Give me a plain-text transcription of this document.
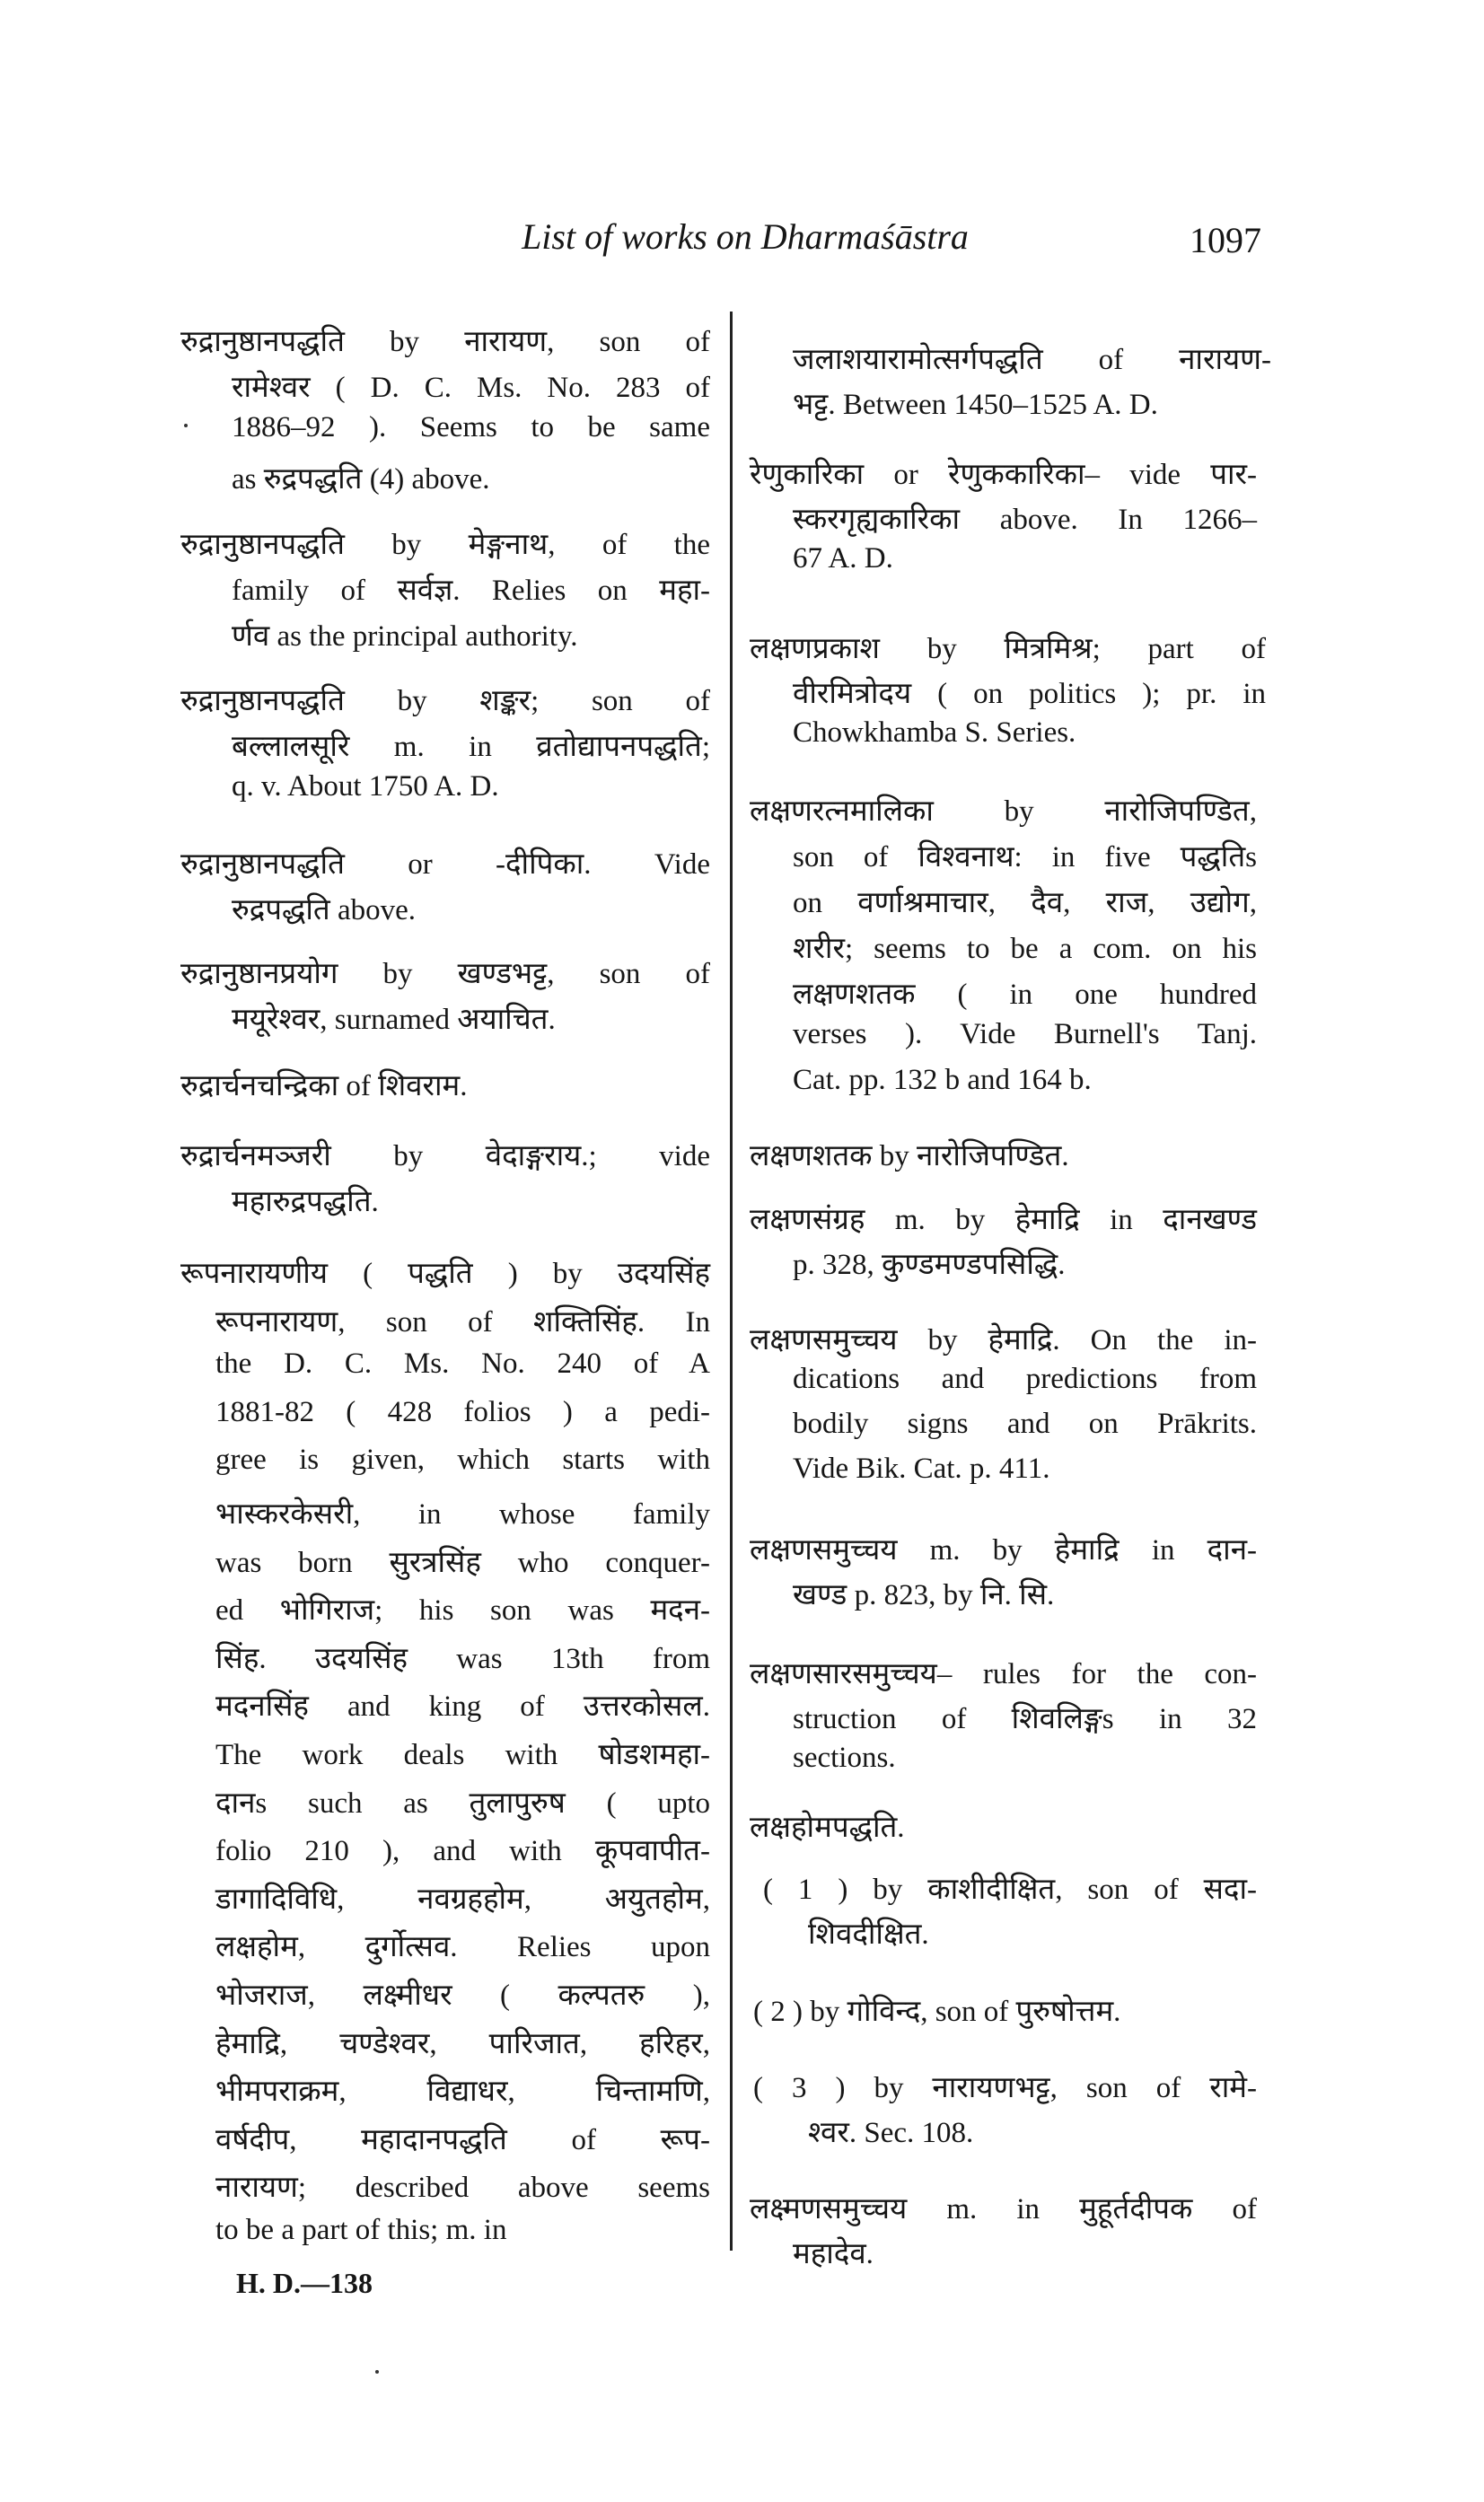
List of works on Dharmaśāstra	1097
रुद्रानुष्ठानपद्धति by नारायण, son of
रामेश्वर ( D. C. Ms. No. 283 of
1886–92 ). Seems to be same
as रुद्रपद्धति (4) above.
रुद्रानुष्ठानपद्धति by मेङ्गनाथ, of the
family of सर्वज्ञ. Relies on महा-
र्णव as the principal authority.
रुद्रानुष्ठानपद्धति by शङ्कर; son of
बल्लालसूरि m. in व्रतोद्यापनपद्धति;
q. v. About 1750 A. D.
रुद्रानुष्ठानपद्धति or -दीपिका. Vide
रुद्रपद्धति above.
रुद्रानुष्ठानप्रयोग by खण्डभट्ट, son of
मयूरेश्वर, surnamed अयाचित.
रुद्रार्चनचन्द्रिका of शिवराम.
रुद्रार्चनमञ्जरी by वेदाङ्गराय.; vide
महारुद्रपद्धति.
रूपनारायणीय ( पद्धति ) by उदयसिंह
रूपनारायण, son of शक्तिसिंह. In
the D. C. Ms. No. 240 of A
1881-82 ( 428 folios ) a pedi-
gree is given, which starts with
भास्करकेसरी, in whose family
was born सुरत्रसिंह who conquer-
ed भोगिराज; his son was मदन-
सिंह. उदयसिंह was 13th from
मदनसिंह and king of उत्तरकोसल.
The work deals with षोडशमहा-
दानs such as तुलापुरुष ( upto
folio 210 ), and with कूपवापीत-
डागादिविधि, नवग्रहहोम, अयुतहोम,
लक्षहोम, दुर्गोत्सव. Relies upon
भोजराज, लक्ष्मीधर ( कल्पतरु ),
हेमाद्रि, चण्डेश्वर, पारिजात, हरिहर,
भीमपराक्रम, विद्याधर, चिन्तामणि,
वर्षदीप, महादानपद्धति of रूप-
नारायण; described above seems
to be a part of this; m. in
जलाशयारामोत्सर्गपद्धति of नारायण-
भट्ट. Between 1450–1525 A. D.
रेणुकारिका or रेणुककारिका– vide पार-
स्करगृह्यकारिका above. In 1266–
67 A. D.
लक्षणप्रकाश by मित्रमिश्र; part of
वीरमित्रोदय ( on politics ); pr. in
Chowkhamba S. Series.
लक्षणरत्नमालिका by नारोजिपण्डित,
son of विश्वनाथ: in five पद्धतिs
on वर्णाश्रमाचार, दैव, राज, उद्योग,
शरीर; seems to be a com. on his
लक्षणशतक ( in one hundred
verses ). Vide Burnell's Tanj.
Cat. pp. 132 b and 164 b.
लक्षणशतक by नारोजिपण्डित.
लक्षणसंग्रह m. by हेमाद्रि in दानखण्ड
p. 328, कुण्डमण्डपसिद्धि.
लक्षणसमुच्चय by हेमाद्रि. On the in-
dications and predictions from
bodily signs and on Prākrits.
Vide Bik. Cat. p. 411.
लक्षणसमुच्चय m. by हेमाद्रि in दान-
खण्ड p. 823, by नि. सि.
लक्षणसारसमुच्चय– rules for the con-
struction of शिवलिङ्गs in 32
sections.
लक्षहोमपद्धति.
( 1 ) by काशीदीक्षित, son of सदा-
शिवदीक्षित.
( 2 ) by गोविन्द, son of पुरुषोत्तम.
( 3 ) by नारायणभट्ट, son of रामे-
श्वर. Sec. 108.
लक्ष्मणसमुच्चय m. in मुहूर्तदीपक of
महादेव.
H. D.—138
